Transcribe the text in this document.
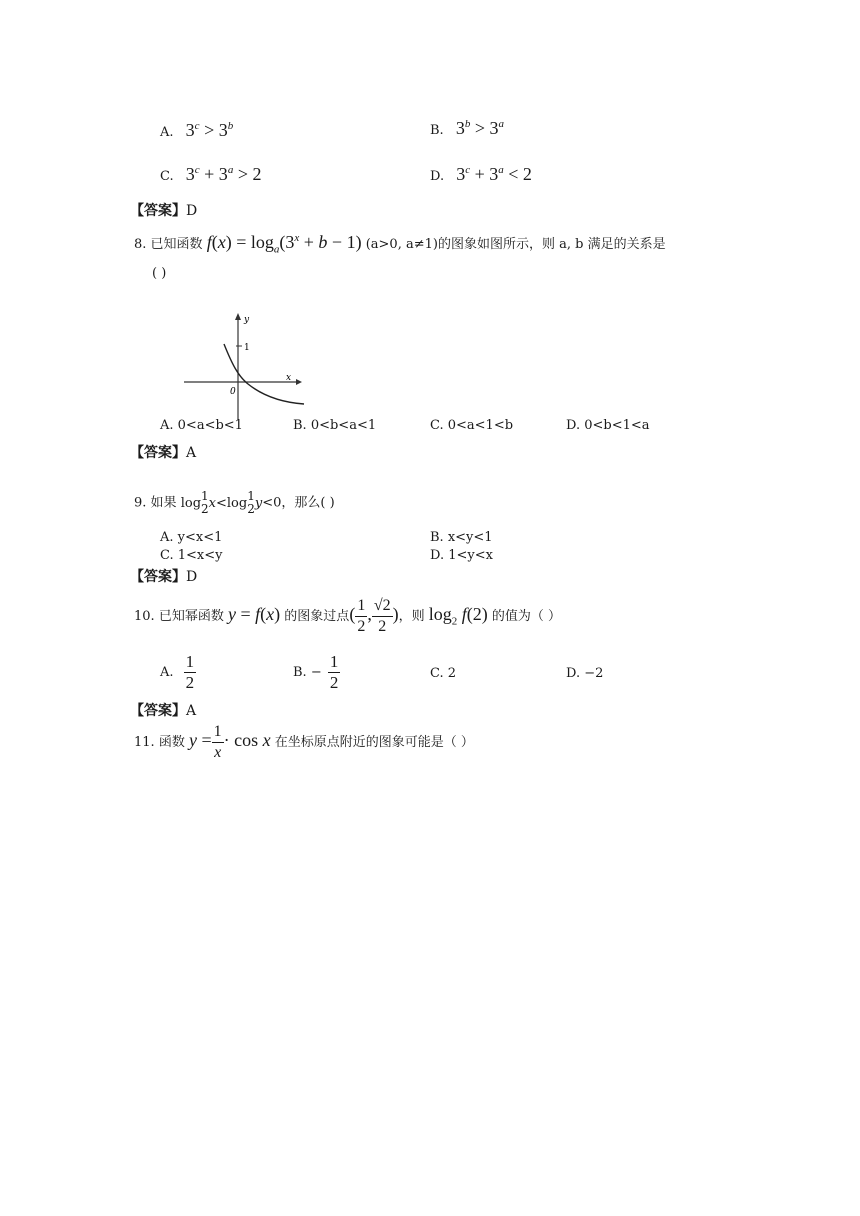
A. $3^c > 3^b$	B. $3^b > 3^a$
C. $3^c + 3^a > 2$	D. $3^c + 3^a < 2$
【答案】D
8. 已知函数 $f(x) = \log_a(3^x + b - 1)$ (a>0, a≠1)的图象如图所示，则 a, b 满足的关系是
( )
y
x
0
1
A. 0<a<b<1	B. 0<b<a<1	C. 0<a<1<b	D. 0<b<1<a
【答案】A
9. 如果 log 1
2 x<log 1
2 y<0，那么( )
A. y<x<1	B. x<y<1
C. 1<x<y	D. 1<y<x
【答案】D
10. 已知幂函数 y = f(x) 的图象过点( $\frac{1}{2}$ , $\frac{√2}{2}$ )，则 $\log_2 f(2)$ 的值为（ ）
A. $\frac{1}{2}$	B. − $\frac{1}{2}$	C. 2	D. −2
【答案】A
11. 函数 $y = \frac{1}{x} \cdot \cos x$ 在坐标原点附近的图象可能是（ ）
